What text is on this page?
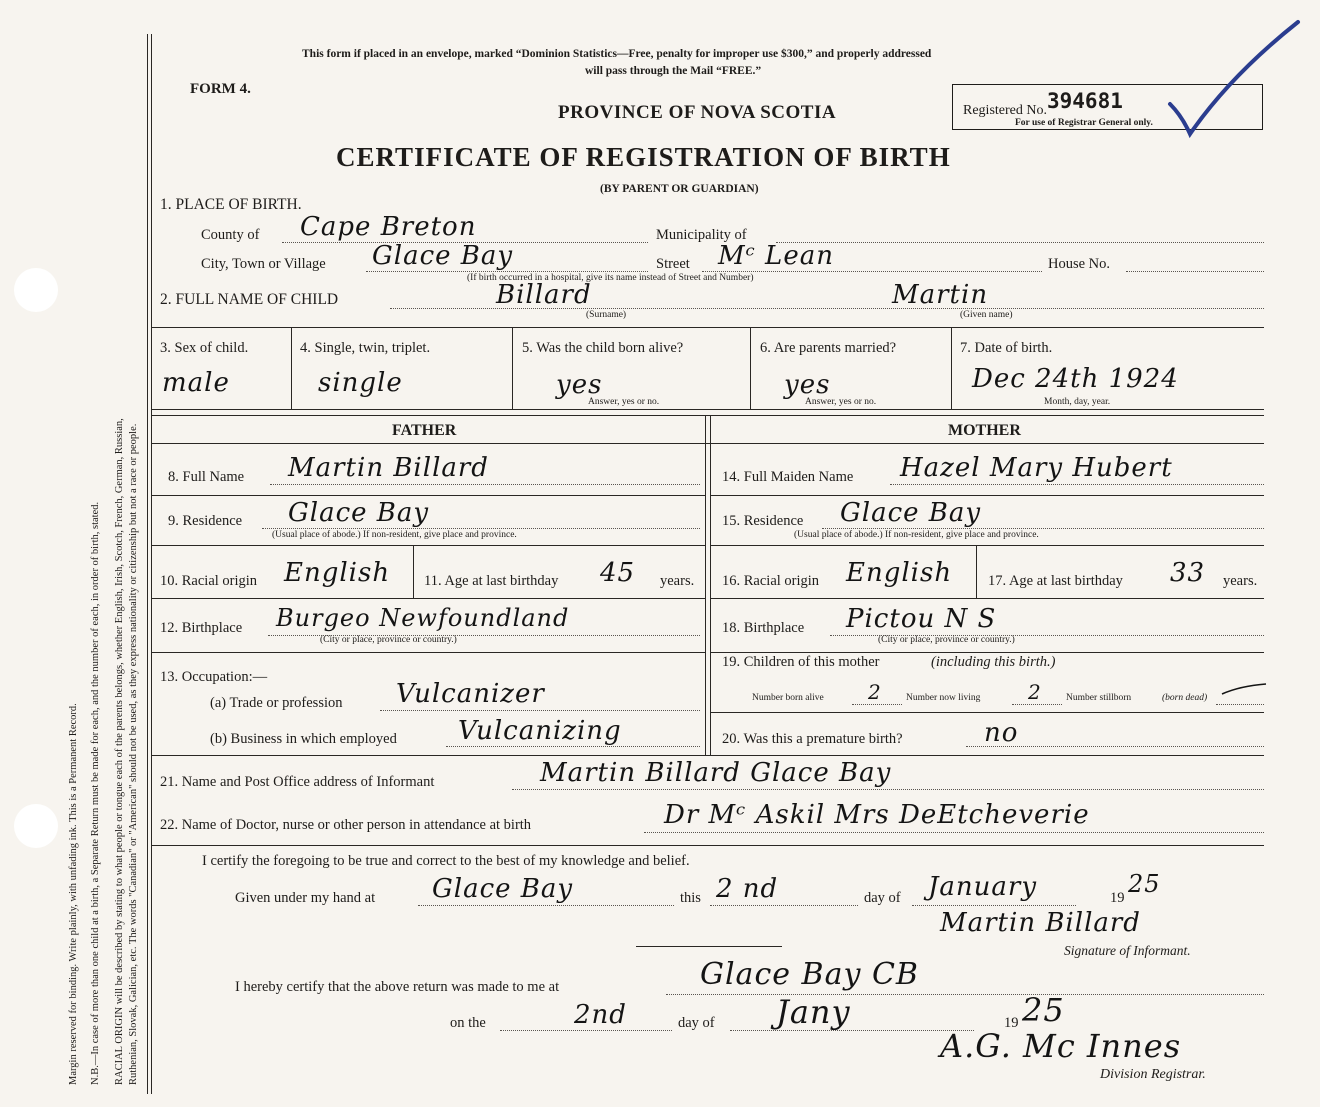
Margin reserved for binding. Write plainly, with unfading ink. This is a Permanent Record. N.B.—In case of more than one child at a birth, a Separate Return must be made for each, and the number of each, in order of birth, stated. RACIAL ORIGIN will be described by stating to what people or tongue each of the parents belongs, whether English, Irish, Scotch, French, German, Russian, Ruthenian, Slovak, Galician, etc. The words "Canadian" or "American" should not be used, as they express nationality or citizenship but not a race or people.
This form if placed in an envelope, marked “Dominion Statistics—Free, penalty for improper use $300,” and properly addressed
will pass through the Mail “FREE.”
FORM 4.
PROVINCE OF NOVA SCOTIA
CERTIFICATE OF REGISTRATION OF BIRTH
(BY PARENT OR GUARDIAN)
Registered No. 394681
For use of Registrar General only.
1. PLACE OF BIRTH.
County of Cape Breton	Municipality of
City, Town or Village Glace Bay	Street Mᶜ Lean	House No.
(If birth occurred in a hospital, give its name instead of Street and Number)
2. FULL NAME OF CHILD	Billard
(Surname)
Martin
(Given name)
3. Sex of child.
male
4. Single, twin, triplet.
single
5. Was the child born alive?
yes
Answer, yes or no.
6. Are parents married?
yes
Answer, yes or no.
7. Date of birth.
Dec 24th 1924
Month, day, year.
FATHER	MOTHER
8. Full Name Martin Billard
9. Residence Glace Bay
(Usual place of abode.) If non-resident, give place and province.
10. Racial origin English 11. Age at last birthday 45 years.
12. Birthplace Burgeo Newfoundland
(City or place, province or country.)
13. Occupation:—
(a) Trade or profession Vulcanizer
(b) Business in which employed Vulcanizing
14. Full Maiden Name Hazel Mary Hubert
15. Residence Glace Bay
(Usual place of abode.) If non-resident, give place and province.
16. Racial origin English 17. Age at last birthday 33 years.
18. Birthplace Pictou N S
(City or place, province or country.)
19. Children of this mother	(including this birth.)
Number born alive 2	Number now living 2	Number stillborn	(born dead)
20. Was this a premature birth?	no
21. Name and Post Office address of Informant	Martin Billard Glace Bay
22. Name of Doctor, nurse or other person in attendance at birth	Dr Mᶜ Askil Mrs DeEtcheverie
I certify the foregoing to be true and correct to the best of my knowledge and belief.
Given under my hand at Glace Bay	this 2 nd	day of January	19 25
Martin Billard
Signature of Informant.
I hereby certify that the above return was made to me at	Glace Bay CB
on the	2nd	day of Jany	19 25
A.G. Mc Innes
Division Registrar.
